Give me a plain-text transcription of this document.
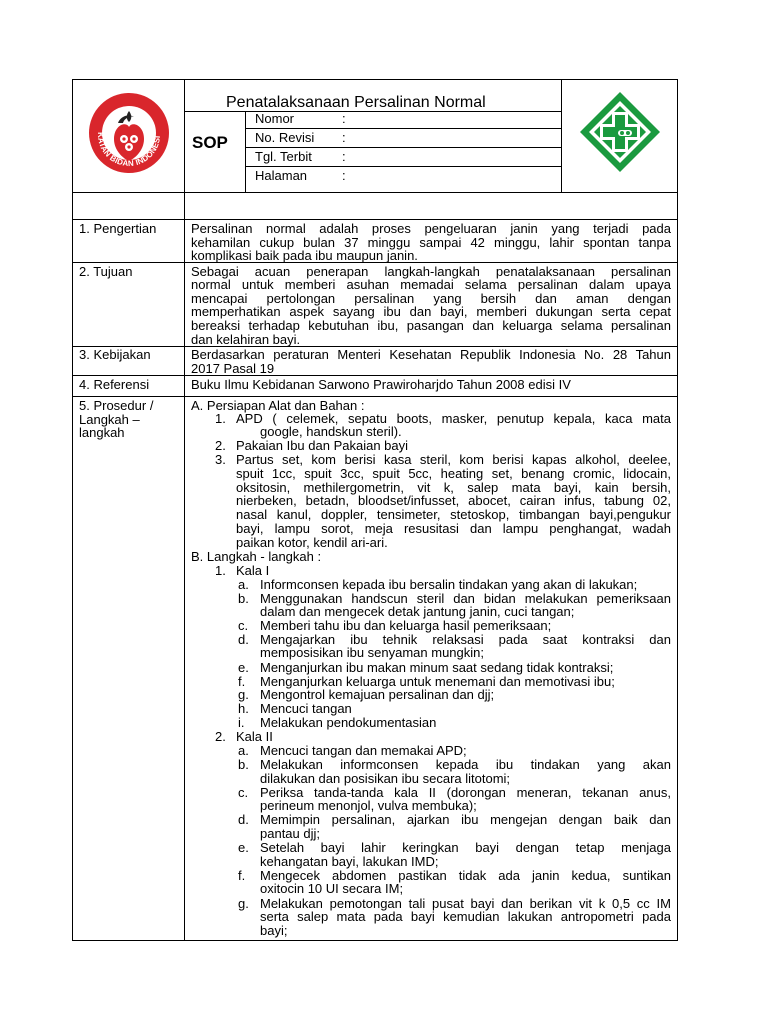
KATAN BIDAN INDONESI
Penatalaksanaan Persalinan Normal
SOP
Nomor	:
No. Revisi :
Tgl. Terbit :
Halaman	:
1. Pengertian	Persalinan normal adalah proses pengeluaran janin yang terjadi pada
kehamilan cukup bulan 37 minggu sampai 42 minggu, lahir spontan tanpa
komplikasi baik pada ibu maupun janin.
2. Tujuan	Sebagai acuan penerapan langkah-langkah penatalaksanaan persalinan
normal untuk memberi asuhan memadai selama persalinan dalam upaya
mencapai pertolongan persalinan yang bersih dan aman dengan
memperhatikan aspek sayang ibu dan bayi, memberi dukungan serta cepat
bereaksi terhadap kebutuhan ibu, pasangan dan keluarga selama persalinan
dan kelahiran bayi.
3. Kebijakan	Berdasarkan peraturan Menteri Kesehatan Republik Indonesia No. 28 Tahun
2017 Pasal 19
4. Referensi	Buku Ilmu Kebidanan Sarwono Prawiroharjdo Tahun 2008 edisi IV
5. Prosedur /
Langkah –
langkah
A. Persiapan Alat dan Bahan :
1. APD ( celemek, sepatu boots, masker, penutup kepala, kaca mata
google, handskun steril).
2. Pakaian Ibu dan Pakaian bayi
3. Partus set, kom berisi kasa steril, kom berisi kapas alkohol, deelee,
spuit 1cc, spuit 3cc, spuit 5cc, heating set, benang cromic, lidocain,
oksitosin, methilergometrin, vit k, salep mata bayi, kain bersih,
nierbeken, betadn, bloodset/infusset, abocet, cairan infus, tabung 02,
nasal kanul, doppler, tensimeter, stetoskop, timbangan bayi,pengukur
bayi, lampu sorot, meja resusitasi dan lampu penghangat, wadah
paikan kotor, kendil ari-ari.
B. Langkah - langkah :
1. Kala I
a. Informconsen kepada ibu bersalin tindakan yang akan di lakukan;
b. Menggunakan handscun steril dan bidan melakukan pemeriksaan
dalam dan mengecek detak jantung janin, cuci tangan;
c. Memberi tahu ibu dan keluarga hasil pemeriksaan;
d. Mengajarkan ibu tehnik relaksasi pada saat kontraksi dan
memposisikan ibu senyaman mungkin;
e. Menganjurkan ibu makan minum saat sedang tidak kontraksi;
f. Menganjurkan keluarga untuk menemani dan memotivasi ibu;
g. Mengontrol kemajuan persalinan dan djj;
h. Mencuci tangan
i. Melakukan pendokumentasian
2. Kala II
a. Mencuci tangan dan memakai APD;
b. Melakukan informconsen kepada ibu tindakan yang akan
dilakukan dan posisikan ibu secara litotomi;
c. Periksa tanda-tanda kala II (dorongan meneran, tekanan anus,
perineum menonjol, vulva membuka);
d. Memimpin persalinan, ajarkan ibu mengejan dengan baik dan
pantau djj;
e. Setelah bayi lahir keringkan bayi dengan tetap menjaga
kehangatan bayi, lakukan IMD;
f. Mengecek abdomen pastikan tidak ada janin kedua, suntikan
oxitocin 10 UI secara IM;
g. Melakukan pemotongan tali pusat bayi dan berikan vit k 0,5 cc IM
serta salep mata pada bayi kemudian lakukan antropometri pada
bayi;
